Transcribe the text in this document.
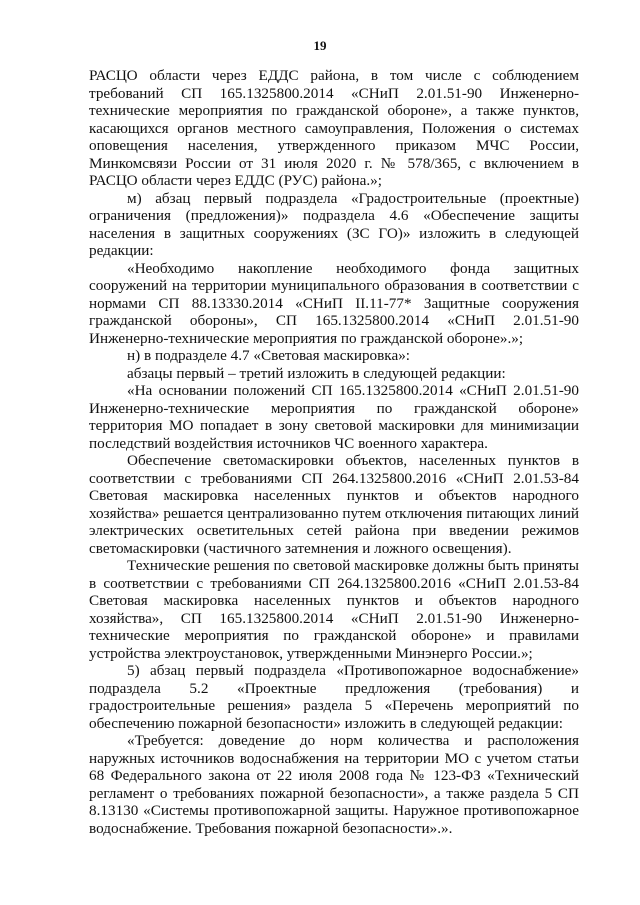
19

РАСЦО области через ЕДДС района, в том числе с соблюдением требований СП 165.1325800.2014 «СНиП 2.01.51-90 Инженерно-технические мероприятия по гражданской обороне», а также пунктов, касающихся органов местного самоуправления, Положения о системах оповещения населения, утвержденного приказом МЧС России, Минкомсвязи России от 31 июля 2020 г. № 578/365, с включением в РАСЦО области через ЕДДС (РУС) района.»;

м) абзац первый подраздела «Градостроительные (проектные) ограничения (предложения)» подраздела 4.6 «Обеспечение защиты населения в защитных сооружениях (ЗС ГО)» изложить в следующей редакции:

«Необходимо накопление необходимого фонда защитных сооружений на территории муниципального образования в соответствии с нормами СП 88.13330.2014 «СНиП II.11-77* Защитные сооружения гражданской обороны», СП 165.1325800.2014 «СНиП 2.01.51-90 Инженерно-технические мероприятия по гражданской обороне».»;

н) в подразделе 4.7 «Световая маскировка»:

абзацы первый – третий изложить в следующей редакции:

«На основании положений СП 165.1325800.2014 «СНиП 2.01.51-90 Инженерно-технические мероприятия по гражданской обороне» территория МО попадает в зону световой маскировки для минимизации последствий воздействия источников ЧС военного характера.

Обеспечение светомаскировки объектов, населенных пунктов в соответствии с требованиями СП 264.1325800.2016 «СНиП 2.01.53-84 Световая маскировка населенных пунктов и объектов народного хозяйства» решается централизованно путем отключения питающих линий электрических осветительных сетей района при введении режимов светомаскировки (частичного затемнения и ложного освещения).

Технические решения по световой маскировке должны быть приняты в соответствии с требованиями СП 264.1325800.2016 «СНиП 2.01.53-84 Световая маскировка населенных пунктов и объектов народного хозяйства», СП 165.1325800.2014 «СНиП 2.01.51-90 Инженерно-технические мероприятия по гражданской обороне» и правилами устройства электроустановок, утвержденными Минэнерго России.»;

5) абзац первый подраздела «Противопожарное водоснабжение» подраздела 5.2 «Проектные предложения (требования) и градостроительные решения» раздела 5 «Перечень мероприятий по обеспечению пожарной безопасности» изложить в следующей редакции:

«Требуется: доведение до норм количества и расположения наружных источников водоснабжения на территории МО с учетом статьи 68 Федерального закона от 22 июля 2008 года № 123-ФЗ «Технический регламент о требованиях пожарной безопасности», а также раздела 5 СП 8.13130 «Системы противопожарной защиты. Наружное противопожарное водоснабжение. Требования пожарной безопасности».».
